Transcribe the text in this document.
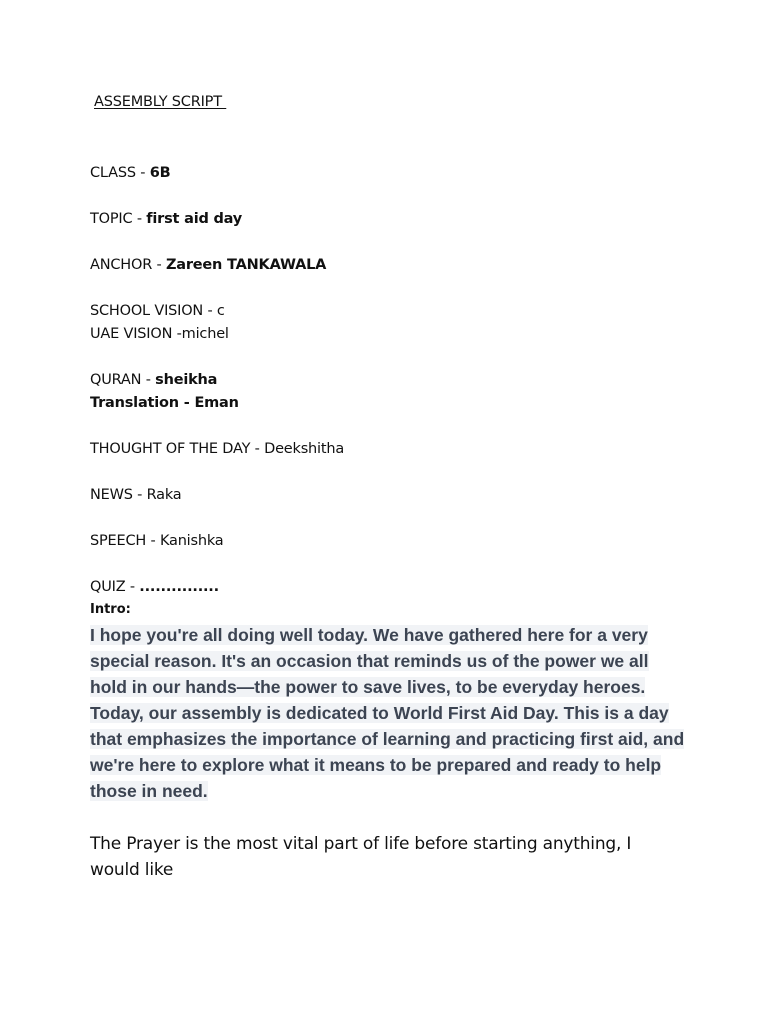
ASSEMBLY SCRIPT
CLASS - 6B
TOPIC - first aid day
ANCHOR - Zareen TANKAWALA
SCHOOL VISION - c
UAE VISION -michel
QURAN - sheikha
Translation - Eman
THOUGHT OF THE DAY - Deekshitha
NEWS - Raka
SPEECH - Kanishka
QUIZ - ...............
Intro:
I hope you're all doing well today. We have gathered here for a very special reason. It's an occasion that reminds us of the power we all hold in our hands—the power to save lives, to be everyday heroes. Today, our assembly is dedicated to World First Aid Day. This is a day that emphasizes the importance of learning and practicing first aid, and we're here to explore what it means to be prepared and ready to help those in need.
The Prayer is the most vital part of life before starting anything, I would like
